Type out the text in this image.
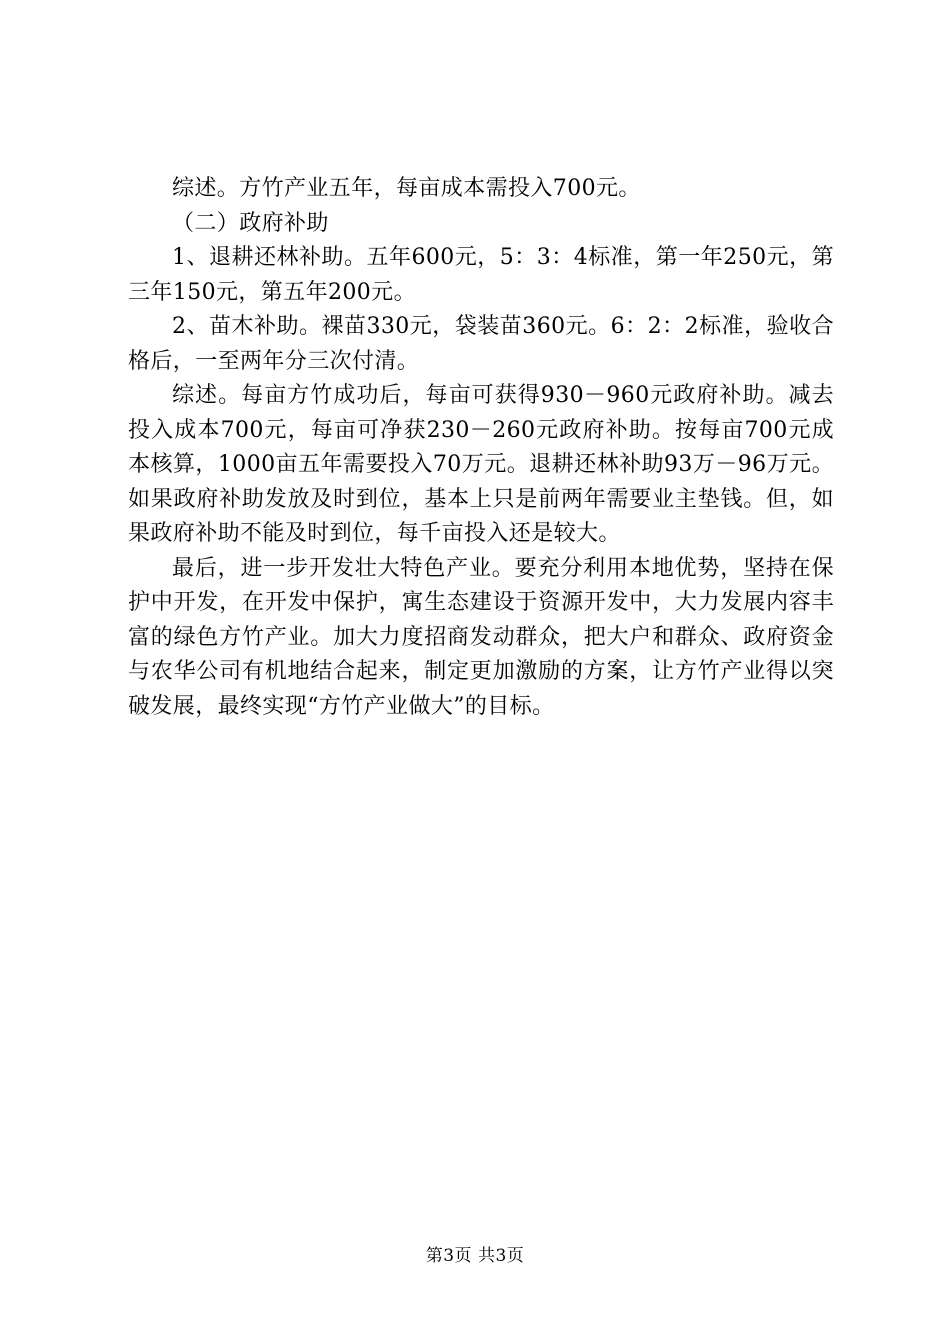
综述。方竹产业五年，每亩成本需投入700元。

（二）政府补助

1、退耕还林补助。五年600元，5：3：4标准，第一年250元，第三年150元，第五年200元。

2、苗木补助。裸苗330元，袋装苗360元。6：2：2标准，验收合格后，一至两年分三次付清。

综述。每亩方竹成功后，每亩可获得930－960元政府补助。减去投入成本700元，每亩可净获230－260元政府补助。按每亩700元成本核算，1000亩五年需要投入70万元。退耕还林补助93万－96万元。如果政府补助发放及时到位，基本上只是前两年需要业主垫钱。但，如果政府补助不能及时到位，每千亩投入还是较大。

最后，进一步开发壮大特色产业。要充分利用本地优势，坚持在保护中开发，在开发中保护，寓生态建设于资源开发中，大力发展内容丰富的绿色方竹产业。加大力度招商发动群众，把大户和群众、政府资金与农华公司有机地结合起来，制定更加激励的方案，让方竹产业得以突破发展，最终实现“方竹产业做大”的目标。

第3页 共3页
